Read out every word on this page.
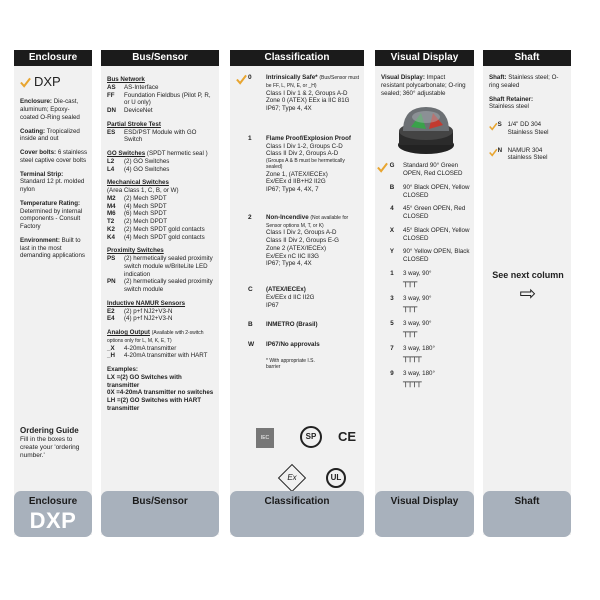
Enclosure
DXP
Enclosure: Die-cast, aluminum; Epoxy-coated O-Ring sealed
Coating: Tropicalized inside and out
Cover bolts: 6 stainless steel captive cover bolts
Terminal Strip: Standard 12 pt. molded nylon
Temperature Rating: Determined by internal components - Consult Factory
Environment: Built to last in the most demanding applications
Ordering Guide
Fill in the boxes to create your 'ordering number.'
Bus/Sensor
Bus Network
AS	AS-Interface
FF	Foundation Fieldbus (Pilot P, R, or U only)
DN	DeviceNet
Partial Stroke Test
ES	ESD/PST Module with GO Switch
GO Switches (SPDT hermetic seal )
L2	(2) GO Switches
L4	(4) GO Switches
Mechanical Switches
(Area Class 1, C, B, or W)
M2	(2) Mech SPDT
M4	(4) Mech SPDT
M6	(6) Mech SPDT
T2	(2) Mech DPDT
K2	(2) Mech SPDT gold contacts
K4	(4) Mech SPDT gold contacts
Proximity Switches
PS	(2) hermetically sealed proximity switch module w/BriteLite LED indication
PN	(2) hermetically sealed proximity switch module
Inductive NAMUR Sensors
E2	(2) p+f NJ2+V3-N
E4	(4) p+f NJ2+V3-N
Analog Output (Available with 2-switch options only for L, M, K, E, T)
_X	4-20mA transmitter
_H	4-20mA transmitter with HART
Examples:
LX =(2) GO Switches with transmitter
0X =4-20mA transmitter no switches
LH =(2) GO Switches with HART transmitter
Classification
0	Intrinsically Safe* (Bus/Sensor must be FF, L, PN, E, or _H)
Class I Div 1 & 2, Groups A-D
Zone 0 (ATEX) EEx ia IIC 81G
IP67; Type 4, 4X
1	Flame Proof/Explosion Proof
Class I Div 1-2, Groups C-D
Class II Div 2, Groups A-D
(Groups A & B must be hermetically sealed)
Zone 1, (ATEX/IECEx)
Ex/EEx d IIB+H2 II2G
IP67; Type 4, 4X, 7
2	Non-Incendive (Not available for Sensor options M, T, or K)
Class I Div 2, Groups A-D
Class II Div 2, Groups E-G
Zone 2 (ATEX/IECEx)
Ex/EEx nC IIC II3G
IP67; Type 4, 4X
C	(ATEX/IECEx)
Ex/EEx d IIC II2G
IP67
B	INMETRO (Brasil)
W	IP67/No approvals
* With appropriate I.S. barrier
IEC	SP	CE
Ex	UL
Visual Display
Visual Display: Impact resistant polycarbonate; O-ring sealed; 360° adjustable
G	Standard 90° Green OPEN, Red CLOSED
B	90° Black OPEN, Yellow CLOSED
4	45° Green OPEN, Red CLOSED
X	45° Black OPEN, Yellow CLOSED
Y	90° Yellow OPEN, Black CLOSED
1	3 way, 90°
┬┬┬
3	3 way, 90°
┬┬┬
5	3 way, 90°
┬┬┬
7	3 way, 180°
┬┬┬┬
9	3 way, 180°
┬┬┬┬
Shaft
Shaft: Stainless steel; O-ring sealed
Shaft Retainer:
Stainless steel
S 1/4" DD 304 Stainless Steel
N NAMUR 304 stainless Steel
See next column
⇨
Enclosure
DXP
Bus/Sensor	Classification	Visual Display	Shaft
